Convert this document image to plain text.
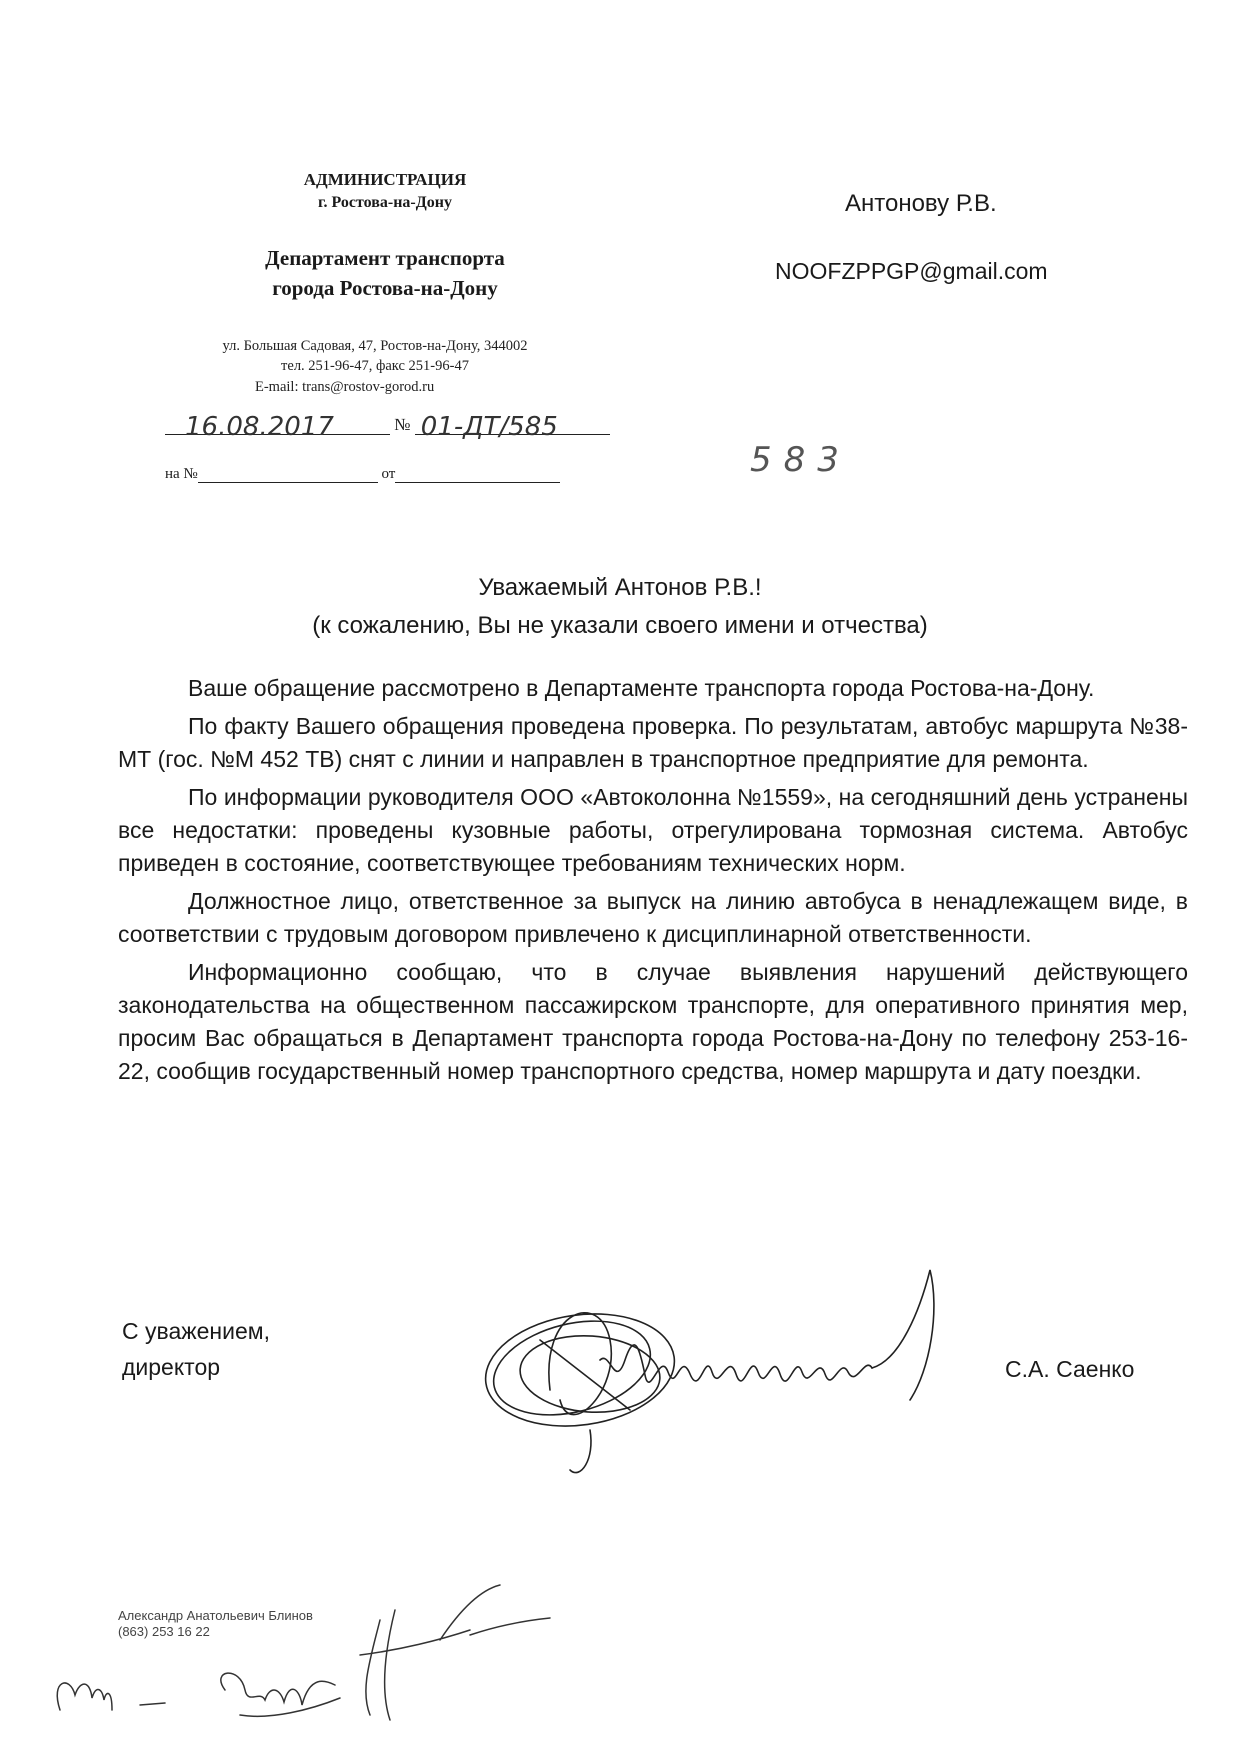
АДМИНИСТРАЦИЯ
г. Ростова-на-Дону
Департамент транспорта
города Ростова-на-Дону
ул. Большая Садовая, 47, Ростов-на-Дону, 344002
тел. 251-96-47, факс 251-96-47
E-mail: trans@rostov-gorod.ru
16.08.2017	№ 01-ДТ/585
на №	от	583
Антонову Р.В.
NOOFZPPGP@gmail.com
Уважаемый Антонов Р.В.!
(к сожалению, Вы не указали своего имени и отчества)

Ваше обращение рассмотрено в Департаменте транспорта города Ростова-на-Дону.

По факту Вашего обращения проведена проверка. По результатам, автобус маршрута №38-МТ (гос. №М 452 ТВ) снят с линии и направлен в транспортное предприятие для ремонта.

По информации руководителя ООО «Автоколонна №1559», на сегодняшний день устранены все недостатки: проведены кузовные работы, отрегулирована тормозная система. Автобус приведен в состояние, соответствующее требованиям технических норм.

Должностное лицо, ответственное за выпуск на линию автобуса в ненадлежащем виде, в соответствии с трудовым договором привлечено к дисциплинарной ответственности.

Информационно сообщаю, что в случае выявления нарушений действующего законодательства на общественном пассажирском транспорте, для оперативного принятия мер, просим Вас обращаться в Департамент транспорта города Ростова-на-Дону по телефону 253-16-22, сообщив государственный номер транспортного средства, номер маршрута и дату поездки.

С уважением,
директор	С.А. Саенко
Александр Анатольевич Блинов
(863) 253 16 22
